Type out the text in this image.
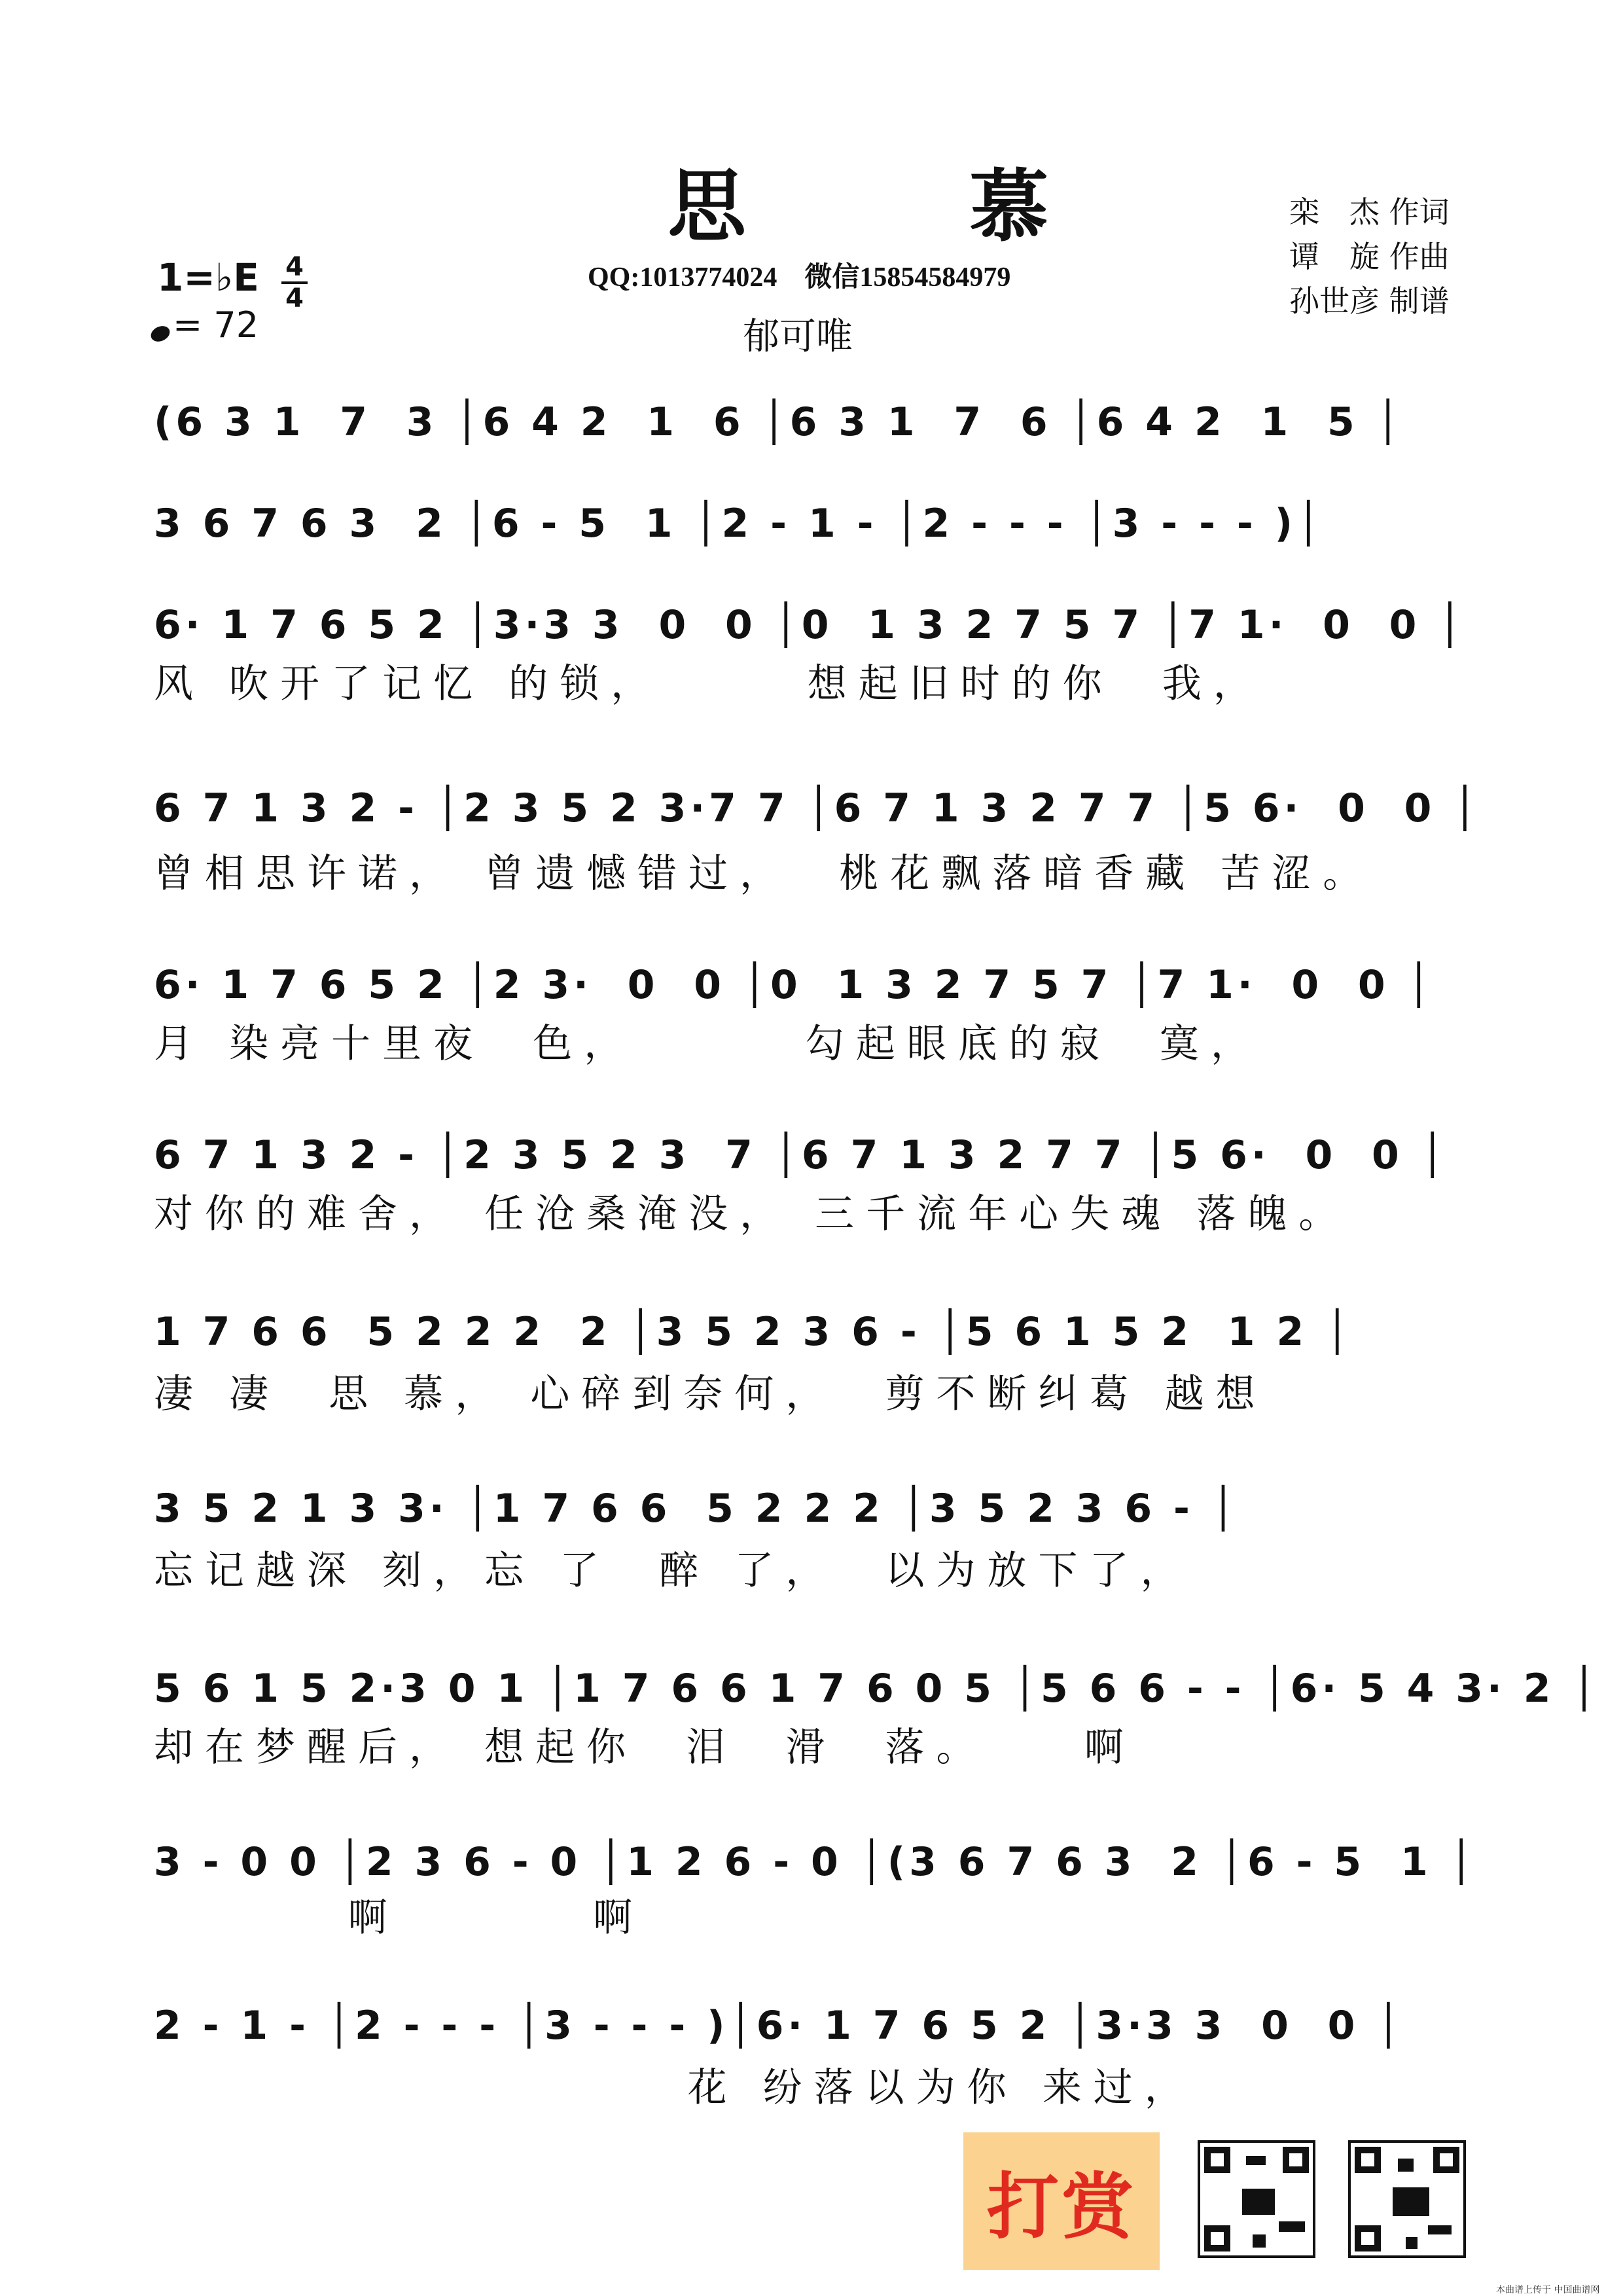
思 慕	栾　杰 作词
谭　旋 作曲
孙世彦 制谱
1=♭E 4
4
= 72
QQ:1013774024　微信15854584979
郁可唯
(6 3 1  7  3 │6 4 2  1  6 │6 3 1  7  6 │6 4 2  1  5 │
3 6 7 6 3  2 │6 - 5  1 │2 - 1 - │2 - - - │3 - - - )│
6· 1 7 6 5 2 │3·3 3  0  0 │0  1 3 2 7 5 7 │7 1·  0  0 │
风 吹开了记忆 的锁，      想起旧时的你  我，
6 7 1 3 2 - │2 3 5 2 3·7 7 │6 7 1 3 2 7 7 │5 6·  0  0 │
曾相思许诺， 曾遗憾错过，  桃花飘落暗香藏 苦涩。
6· 1 7 6 5 2 │2 3·  0  0 │0  1 3 2 7 5 7 │7 1·  0  0 │
月 染亮十里夜  色，       勾起眼底的寂  寞，
6 7 1 3 2 - │2 3 5 2 3  7 │6 7 1 3 2 7 7 │5 6·  0  0 │
对你的难舍， 任沧桑淹没， 三千流年心失魂 落魄。
1 7 6 6  5 2 2 2  2 │3 5 2 3 6 - │5 6 1 5 2  1 2 │
凄 凄  思 慕， 心碎到奈何，  剪不断纠葛 越想
3 5 2 1 3 3· │1 7 6 6  5 2 2 2 │3 5 2 3 6 - │
忘记越深 刻，忘 了  醉 了，  以为放下了，
5 6 1 5 2·3 0 1 │1 7 6 6 1 7 6 0 5 │5 6 6 - - │6· 5 4 3· 2 │
却在梦醒后， 想起你  泪  滑  落。    啊
3 - 0 0 │2 3 6 - 0 │1 2 6 - 0 │(3 6 7 6 3  2 │6 - 5  1 │
啊        啊
2 - 1 - │2 - - - │3 - - - )│6· 1 7 6 5 2 │3·3 3  0  0 │
花 纷落以为你 来过，
打赏
本曲谱上传于 中国曲谱网
